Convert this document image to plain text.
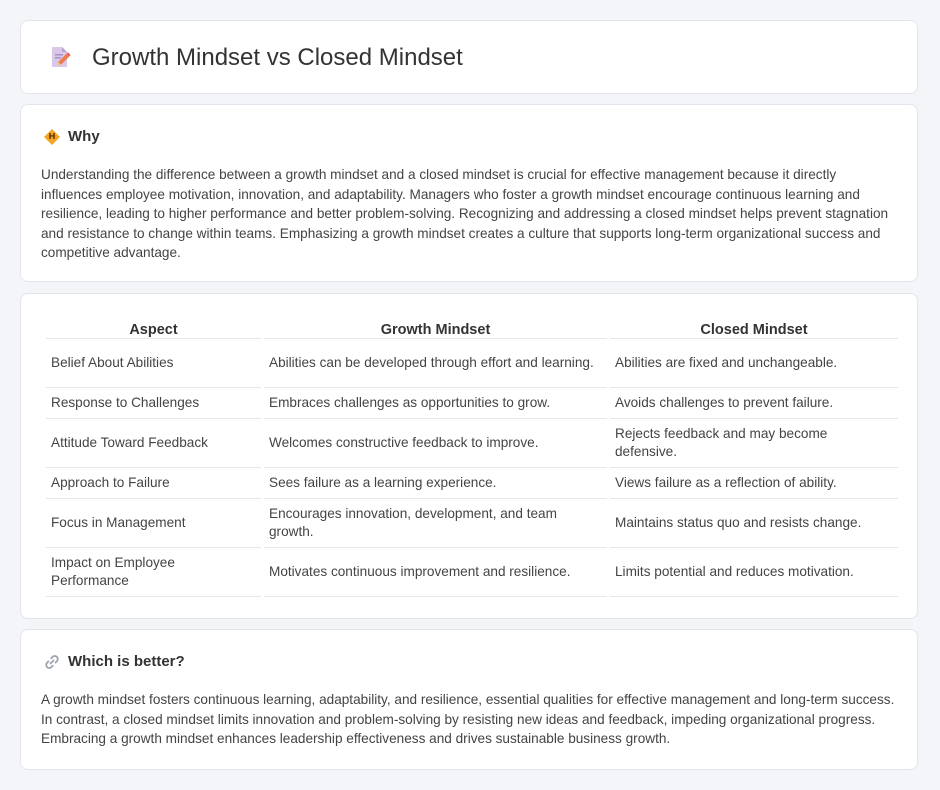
Growth Mindset vs Closed Mindset
Why

Understanding the difference between a growth mindset and a closed mindset is crucial for effective management because it directly influences employee motivation, innovation, and adaptability. Managers who foster a growth mindset encourage continuous learning and resilience, leading to higher performance and better problem-solving. Recognizing and addressing a closed mindset helps prevent stagnation and resistance to change within teams. Emphasizing a growth mindset creates a culture that supports long-term organizational success and competitive advantage.

Aspect	Growth Mindset	Closed Mindset
Belief About Abilities	Abilities can be developed through effort and learning.	Abilities are fixed and unchangeable.
Response to Challenges	Embraces challenges as opportunities to grow.	Avoids challenges to prevent failure.
Attitude Toward Feedback	Welcomes constructive feedback to improve.	Rejects feedback and may become defensive.
Approach to Failure	Sees failure as a learning experience.	Views failure as a reflection of ability.
Focus in Management	Encourages innovation, development, and team growth.	Maintains status quo and resists change.
Impact on Employee Performance	Motivates continuous improvement and resilience.	Limits potential and reduces motivation.
Which is better?

A growth mindset fosters continuous learning, adaptability, and resilience, essential qualities for effective management and long-term success. In contrast, a closed mindset limits innovation and problem-solving by resisting new ideas and feedback, impeding organizational progress. Embracing a growth mindset enhances leadership effectiveness and drives sustainable business growth.
